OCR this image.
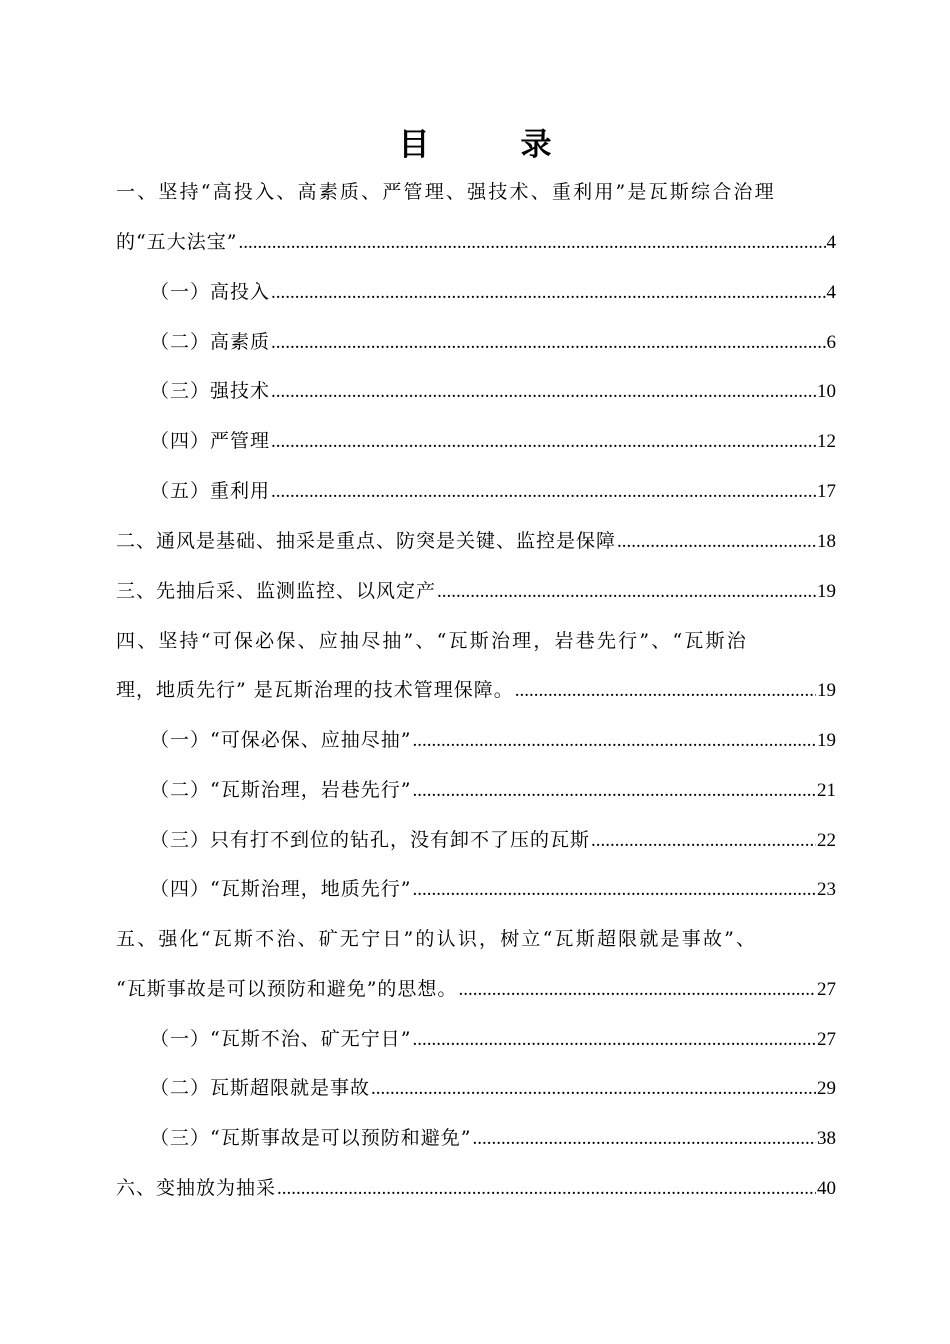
目　录
一、坚持“高投入、高素质、严管理、强技术、重利用”是瓦斯综合治理
的“五大法宝” .....	4
（一）高投入 .....	4
（二）高素质 .....	6
（三）强技术 .....	10
（四）严管理 .....	12
（五）重利用 .....	17
二、通风是基础、抽采是重点、防突是关键、监控是保障 .....	18
三、先抽后采、监测监控、以风定产 .....	19
四、坚持“可保必保、应抽尽抽”、“瓦斯治理，岩巷先行”、“瓦斯治
理，地质先行” 是瓦斯治理的技术管理保障。 .....	19
（一）“可保必保、应抽尽抽” .....	19
（二）“瓦斯治理，岩巷先行” .....	21
（三）只有打不到位的钻孔，没有卸不了压的瓦斯 .....	22
（四）“瓦斯治理，地质先行” .....	23
五、强化“瓦斯不治、矿无宁日”的认识，树立“瓦斯超限就是事故”、
“瓦斯事故是可以预防和避免”的思想。 .....	27
（一）“瓦斯不治、矿无宁日” .....	27
（二）瓦斯超限就是事故 .....	29
（三）“瓦斯事故是可以预防和避免” .....	38
六、变抽放为抽采 .....	40
